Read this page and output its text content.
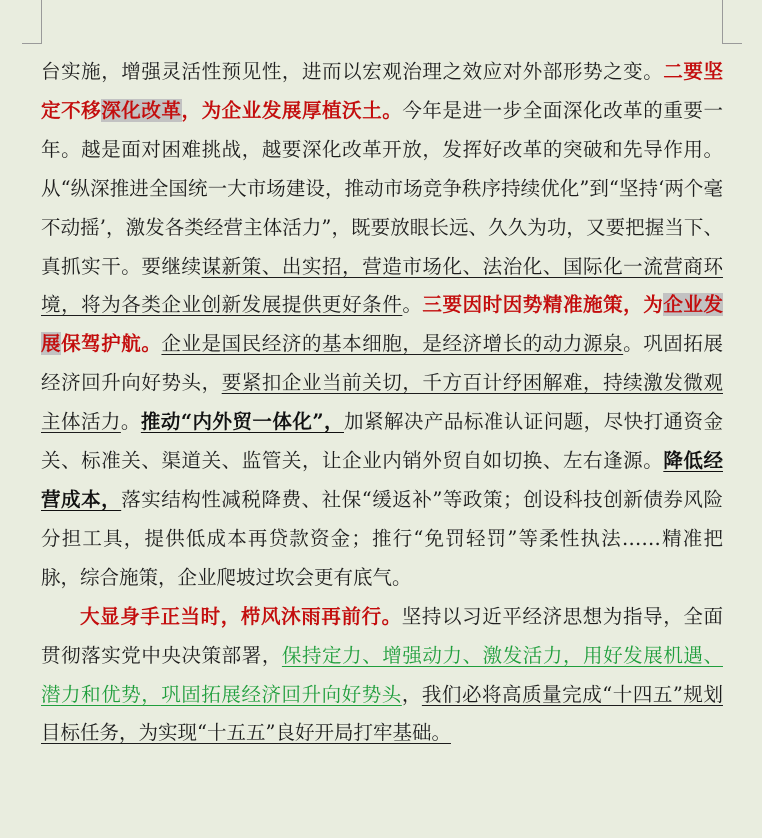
台实施，增强灵活性预见性，进而以宏观治理之效应对外部形势之变。二要坚定不移深化改革，为企业发展厚植沃土。今年是进一步全面深化改革的重要一年。越是面对困难挑战，越要深化改革开放，发挥好改革的突破和先导作用。从“纵深推进全国统一大市场建设，推动市场竞争秩序持续优化”到“坚持‘两个毫不动摇’，激发各类经营主体活力”，既要放眼长远、久久为功，又要把握当下、真抓实干。要继续谋新策、出实招，营造市场化、法治化、国际化一流营商环境，将为各类企业创新发展提供更好条件。三要因时因势精准施策，为企业发展保驾护航。企业是国民经济的基本细胞，是经济增长的动力源泉。巩固拓展经济回升向好势头，要紧扣企业当前关切，千方百计纾困解难，持续激发微观主体活力。推动“内外贸一体化”，加紧解决产品标准认证问题，尽快打通资金关、标准关、渠道关、监管关，让企业内销外贸自如切换、左右逢源。降低经营成本，落实结构性减税降费、社保“缓返补”等政策；创设科技创新债券风险分担工具，提供低成本再贷款资金；推行“免罚轻罚”等柔性执法……精准把脉，综合施策，企业爬坡过坎会更有底气。

大显身手正当时，栉风沐雨再前行。坚持以习近平经济思想为指导，全面贯彻落实党中央决策部署，保持定力、增强动力、激发活力，用好发展机遇、潜力和优势，巩固拓展经济回升向好势头，我们必将高质量完成“十四五”规划目标任务，为实现“十五五”良好开局打牢基础。
